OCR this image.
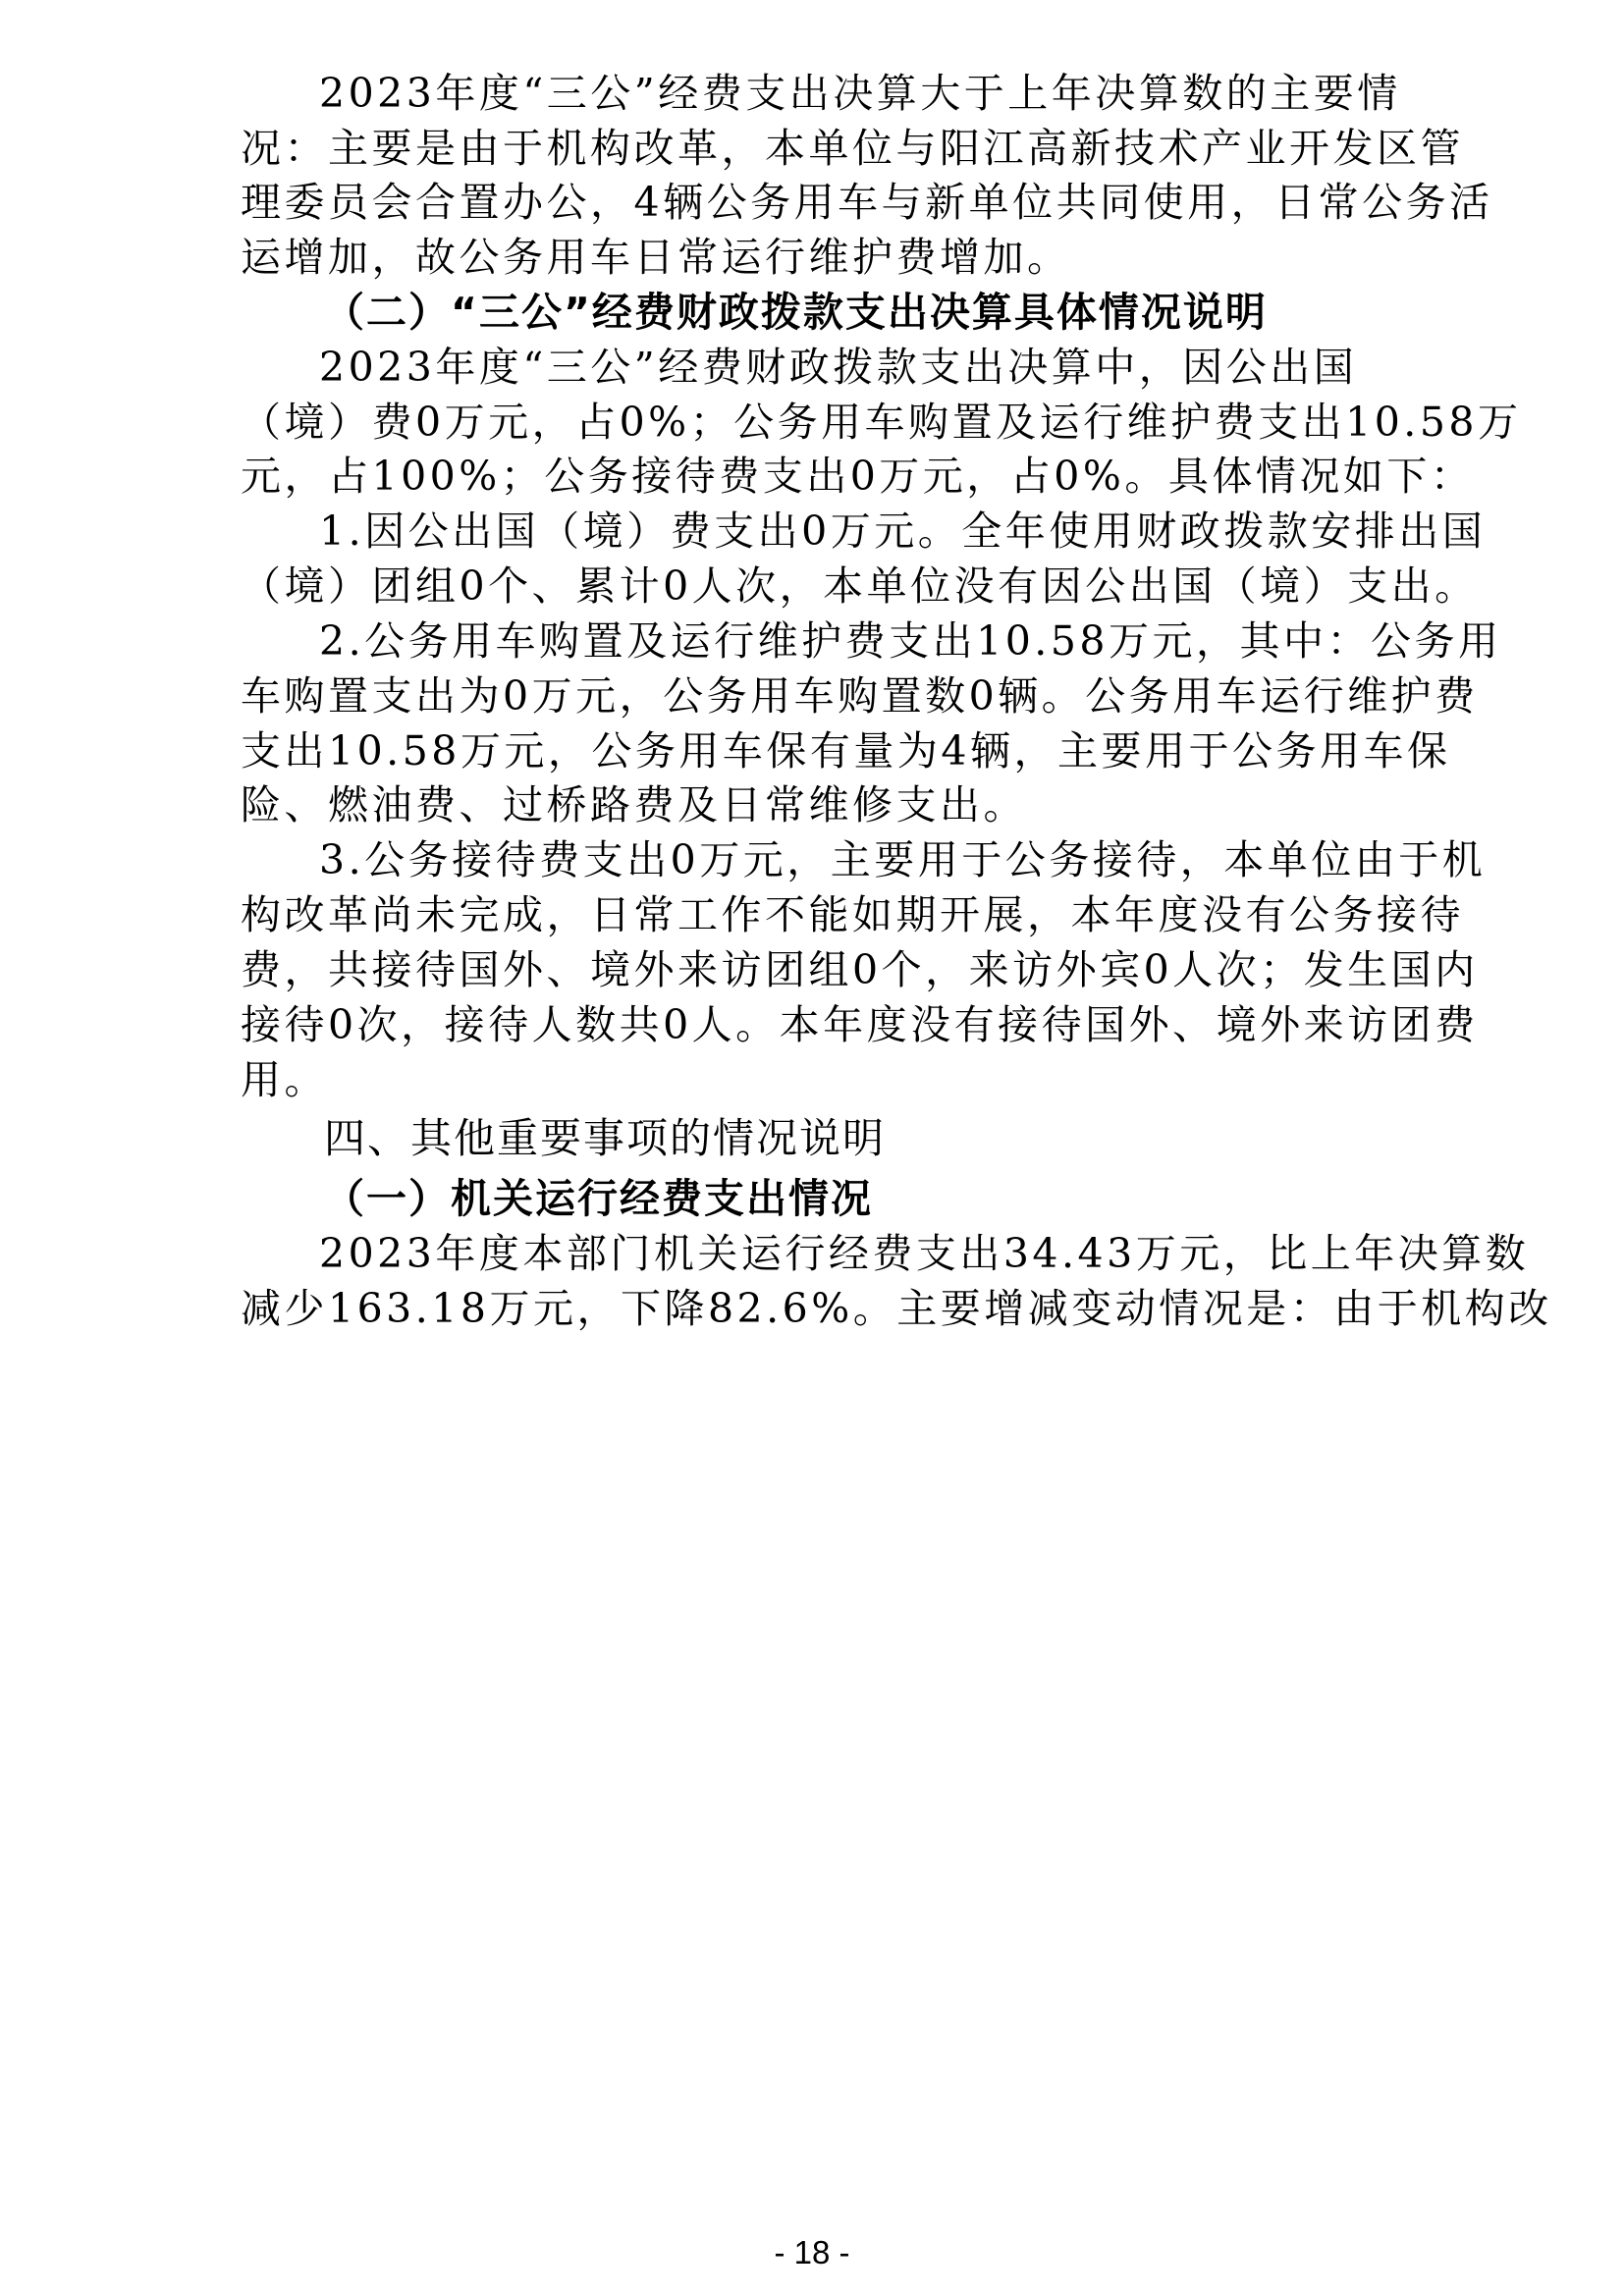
2023年度“三公”经费支出决算大于上年决算数的主要情
况：主要是由于机构改革，本单位与阳江高新技术产业开发区管
理委员会合置办公，4辆公务用车与新单位共同使用，日常公务活
运增加，故公务用车日常运行维护费增加。
（二）“三公”经费财政拨款支出决算具体情况说明
2023年度“三公”经费财政拨款支出决算中，因公出国
（境）费0万元，占0%；公务用车购置及运行维护费支出10.58万
元，占100%；公务接待费支出0万元，占0%。具体情况如下：
1.因公出国（境）费支出0万元。全年使用财政拨款安排出国
（境）团组0个、累计0人次，本单位没有因公出国（境）支出。
2.公务用车购置及运行维护费支出10.58万元，其中：公务用
车购置支出为0万元，公务用车购置数0辆。公务用车运行维护费
支出10.58万元，公务用车保有量为4辆，主要用于公务用车保
险、燃油费、过桥路费及日常维修支出。
3.公务接待费支出0万元，主要用于公务接待，本单位由于机
构改革尚未完成，日常工作不能如期开展，本年度没有公务接待
费，共接待国外、境外来访团组0个，来访外宾0人次；发生国内
接待0次，接待人数共0人。本年度没有接待国外、境外来访团费
用。
四、其他重要事项的情况说明
（一）机关运行经费支出情况
2023年度本部门机关运行经费支出34.43万元，比上年决算数
减少163.18万元，下降82.6%。主要增减变动情况是：由于机构改
- 18 -
